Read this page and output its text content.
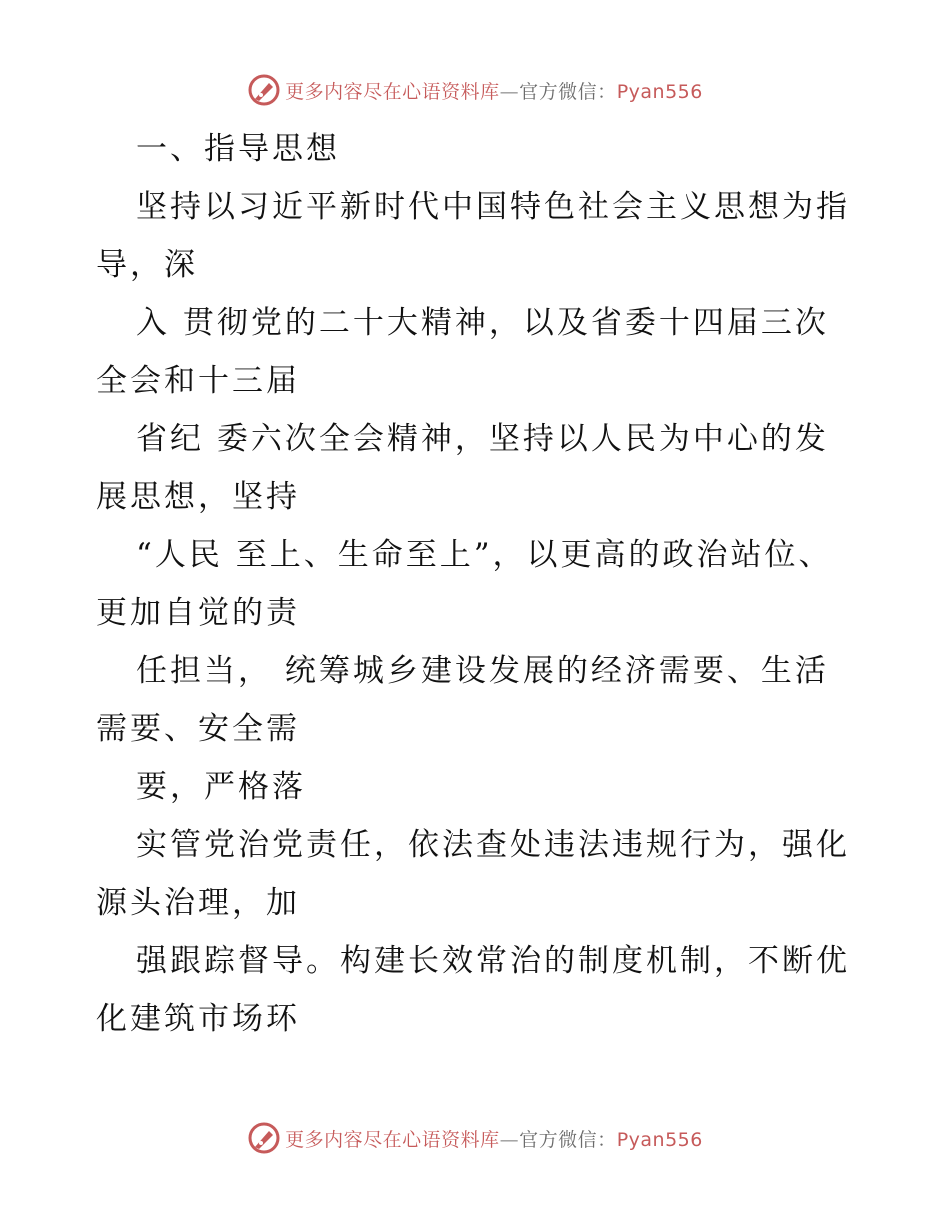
更多内容尽在心语资料库—官方微信：Pyan556
一、指导思想
坚持以习近平新时代中国特色社会主义思想为指
导，深
入 贯彻党的二十大精神，以及省委十四届三次
全会和十三届
省纪 委六次全会精神，坚持以人民为中心的发
展思想，坚持
“人民 至上、生命至上”，以更高的政治站位、
更加自觉的责
任担当， 统筹城乡建设发展的经济需要、生活
需要、安全需
要，严格落
实管党治党责任，依法查处违法违规行为，强化
源头治理，加
强跟踪督导。构建长效常治的制度机制，不断优
化建筑市场环
更多内容尽在心语资料库—官方微信：Pyan556
